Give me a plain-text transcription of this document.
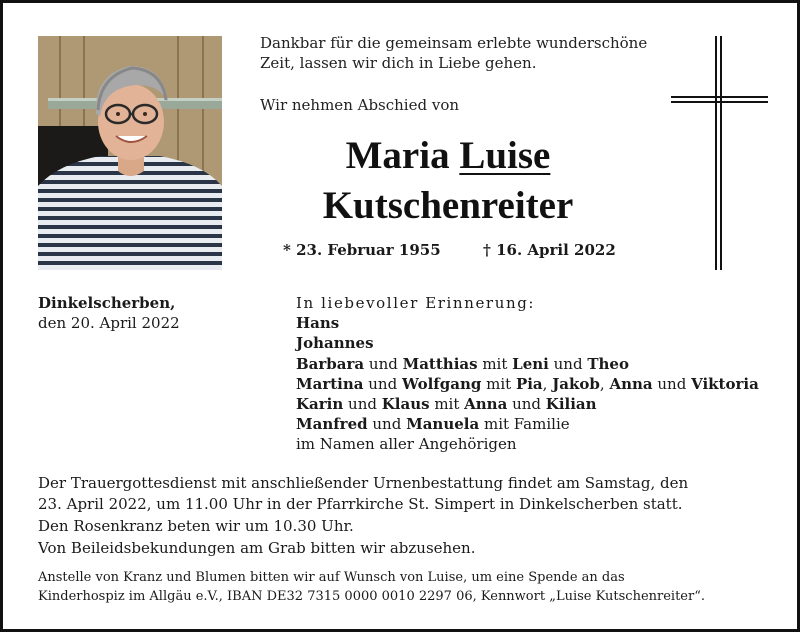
Dankbar für die gemeinsam erlebte wunderschöne
Zeit, lassen wir dich in Liebe gehen.
Wir nehmen Abschied von
Maria Luise
Kutschenreiter
* 23. Februar 1955	† 16. April 2022
Dinkelscherben,
den 20. April 2022
In liebevoller Erinnerung:
Hans
Johannes
Barbara und Matthias mit Leni und Theo
Martina und Wolfgang mit Pia, Jakob, Anna und Viktoria
Karin und Klaus mit Anna und Kilian
Manfred und Manuela mit Familie
im Namen aller Angehörigen
Der Trauergottesdienst mit anschließender Urnenbestattung findet am Samstag, den
23. April 2022, um 11.00 Uhr in der Pfarrkirche St. Simpert in Dinkelscherben statt.
Den Rosenkranz beten wir um 10.30 Uhr.
Von Beileidsbekundungen am Grab bitten wir abzusehen.
Anstelle von Kranz und Blumen bitten wir auf Wunsch von Luise, um eine Spende an das
Kinderhospiz im Allgäu e.V., IBAN DE32 7315 0000 0010 2297 06, Kennwort „Luise Kutschenreiter“.
